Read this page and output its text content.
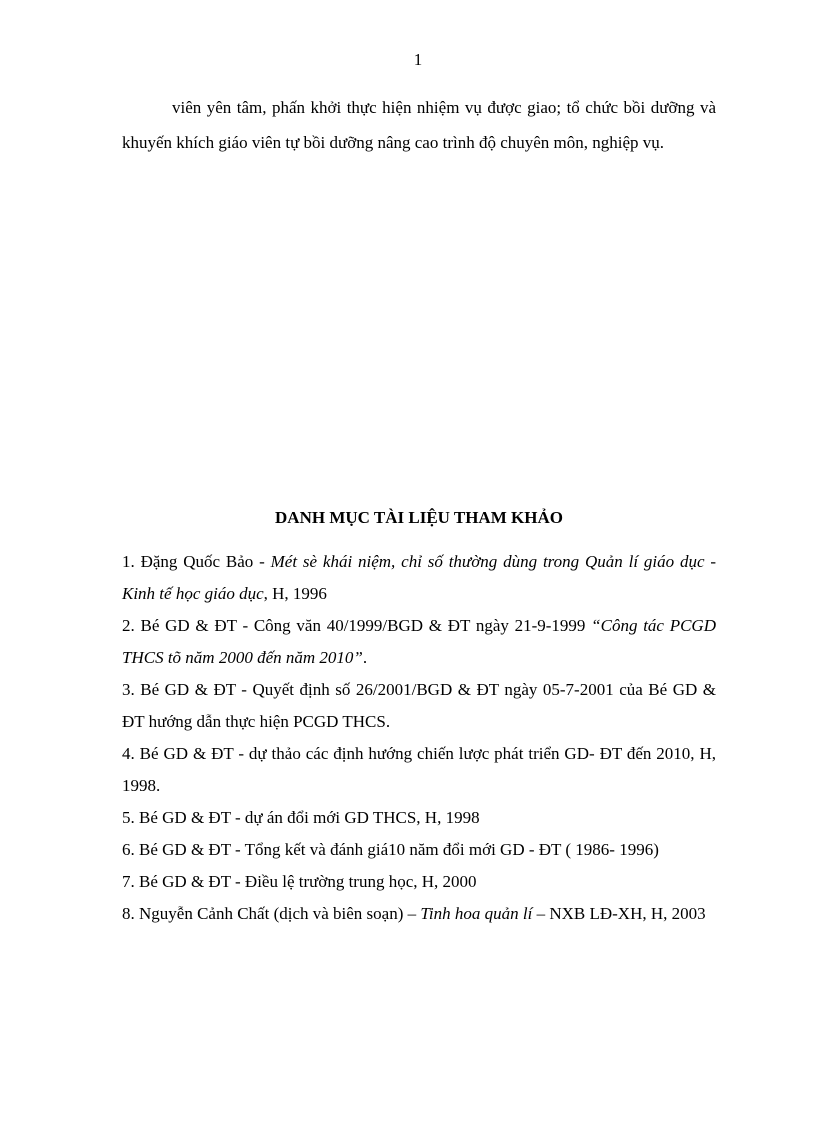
1

viên yên tâm, phấn khởi thực hiện nhiệm vụ được giao; tổ chức bồi dưỡng và khuyến khích giáo viên tự bồi dưỡng nâng cao trình độ chuyên môn, nghiệp vụ.

DANH MỤC TÀI LIỆU THAM KHẢO
1. Đặng Quốc Bảo - Mét sè khái niệm, chỉ số thường dùng trong Quản lí giáo dục - Kinh tế học giáo dục, H, 1996
2. Bé GD & ĐT - Công văn 40/1999/BGD & ĐT ngày 21-9-1999 “Công tác PCGD THCS tõ năm 2000 đến năm 2010”.
3. Bé GD & ĐT - Quyết định số 26/2001/BGD & ĐT ngày 05-7-2001 của Bé GD & ĐT hướng dẫn thực hiện PCGD THCS.
4. Bé GD & ĐT - dự thảo các định hướng chiến lược phát triển GD- ĐT đến 2010, H, 1998.
5. Bé GD & ĐT - dự án đổi mới GD THCS, H, 1998
6. Bé GD & ĐT - Tổng kết và đánh giá10 năm đổi mới GD - ĐT ( 1986- 1996)
7. Bé GD & ĐT - Điều lệ trường trung học, H, 2000
8. Nguyễn Cảnh Chất (dịch và biên soạn) – Tinh hoa quản lí – NXB LĐ-XH, H, 2003
